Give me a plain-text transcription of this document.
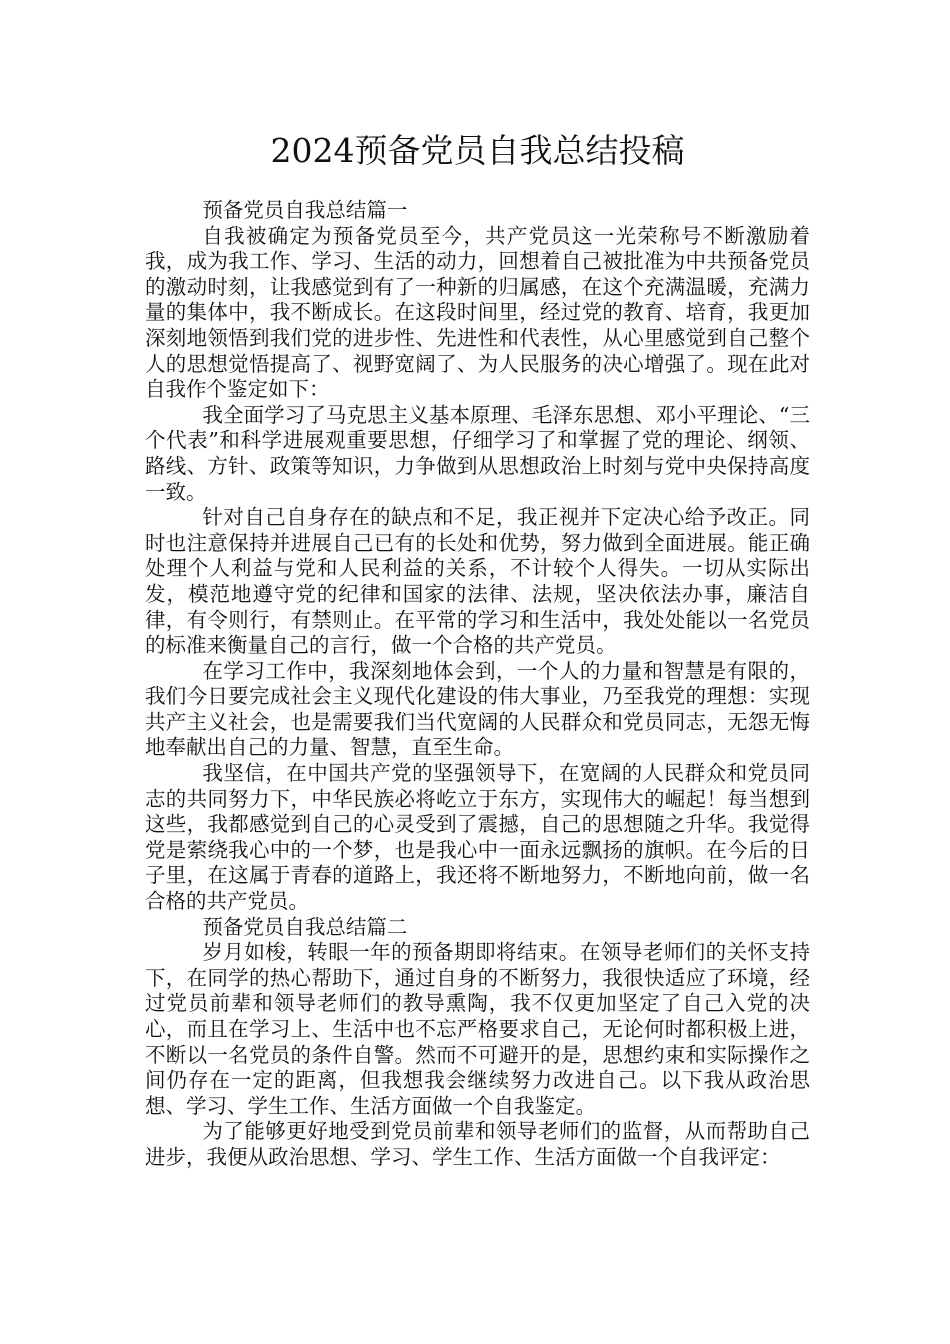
2024预备党员自我总结投稿

预备党员自我总结篇一

自我被确定为预备党员至今，共产党员这一光荣称号不断激励着我，成为我工作、学习、生活的动力，回想着自己被批准为中共预备党员的激动时刻，让我感觉到有了一种新的归属感，在这个充满温暖，充满力量的集体中，我不断成长。在这段时间里，经过党的教育、培育，我更加深刻地领悟到我们党的进步性、先进性和代表性，从心里感觉到自己整个人的思想觉悟提高了、视野宽阔了、为人民服务的决心增强了。现在此对自我作个鉴定如下：

我全面学习了马克思主义基本原理、毛泽东思想、邓小平理论、“三个代表”和科学进展观重要思想，仔细学习了和掌握了党的理论、纲领、路线、方针、政策等知识，力争做到从思想政治上时刻与党中央保持高度一致。

针对自己自身存在的缺点和不足，我正视并下定决心给予改正。同时也注意保持并进展自己已有的长处和优势，努力做到全面进展。能正确处理个人利益与党和人民利益的关系，不计较个人得失。一切从实际出发，模范地遵守党的纪律和国家的法律、法规，坚决依法办事，廉洁自律，有令则行，有禁则止。在平常的学习和生活中，我处处能以一名党员的标准来衡量自己的言行，做一个合格的共产党员。

在学习工作中，我深刻地体会到，一个人的力量和智慧是有限的，我们今日要完成社会主义现代化建设的伟大事业，乃至我党的理想：实现共产主义社会，也是需要我们当代宽阔的人民群众和党员同志，无怨无悔地奉献出自己的力量、智慧，直至生命。

我坚信，在中国共产党的坚强领导下，在宽阔的人民群众和党员同志的共同努力下，中华民族必将屹立于东方，实现伟大的崛起！每当想到这些，我都感觉到自己的心灵受到了震撼，自己的思想随之升华。我觉得党是萦绕我心中的一个梦，也是我心中一面永远飘扬的旗帜。在今后的日子里，在这属于青春的道路上，我还将不断地努力，不断地向前，做一名合格的共产党员。

预备党员自我总结篇二

岁月如梭，转眼一年的预备期即将结束。在领导老师们的关怀支持下，在同学的热心帮助下，通过自身的不断努力，我很快适应了环境，经过党员前辈和领导老师们的教导熏陶，我不仅更加坚定了自己入党的决心，而且在学习上、生活中也不忘严格要求自己，无论何时都积极上进，不断以一名党员的条件自警。然而不可避开的是，思想约束和实际操作之间仍存在一定的距离，但我想我会继续努力改进自己。以下我从政治思想、学习、学生工作、生活方面做一个自我鉴定。

为了能够更好地受到党员前辈和领导老师们的监督，从而帮助自己进步，我便从政治思想、学习、学生工作、生活方面做一个自我评定：
